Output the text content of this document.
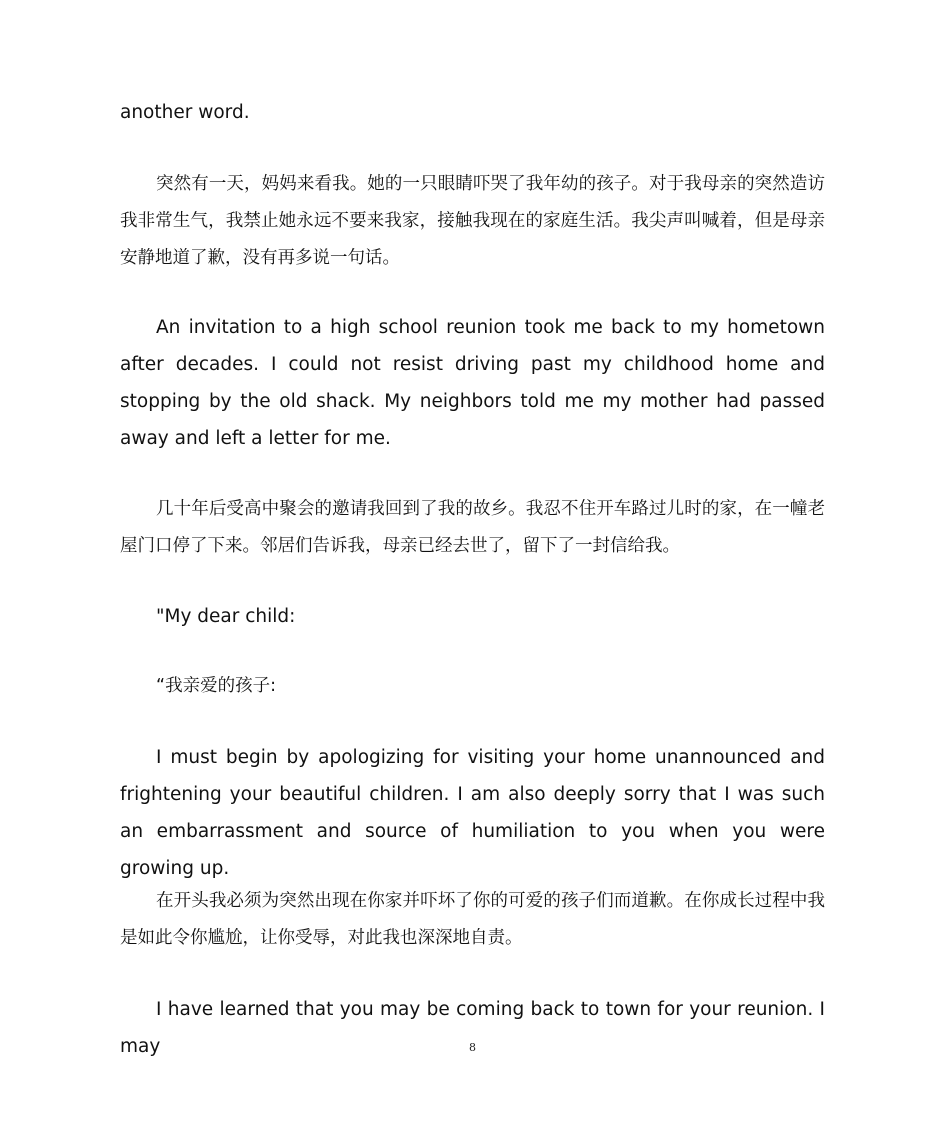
another word.

突然有一天，妈妈来看我。她的一只眼睛吓哭了我年幼的孩子。对于我母亲的突然造访我非常生气，我禁止她永远不要来我家，接触我现在的家庭生活。我尖声叫喊着，但是母亲安静地道了歉，没有再多说一句话。

An invitation to a high school reunion took me back to my hometown after decades. I could not resist driving past my childhood home and stopping by the old shack. My neighbors told me my mother had passed away and left a letter for me.

几十年后受高中聚会的邀请我回到了我的故乡。我忍不住开车路过儿时的家，在一幢老屋门口停了下来。邻居们告诉我，母亲已经去世了，留下了一封信给我。

"My dear child:

“我亲爱的孩子:

I must begin by apologizing for visiting your home unannounced and frightening your beautiful children. I am also deeply sorry that I was such an embarrassment and source of humiliation to you when you were growing up.

在开头我必须为突然出现在你家并吓坏了你的可爱的孩子们而道歉。在你成长过程中我是如此令你尴尬，让你受辱，对此我也深深地自责。

I have learned that you may be coming back to town for your reunion. I may	8
